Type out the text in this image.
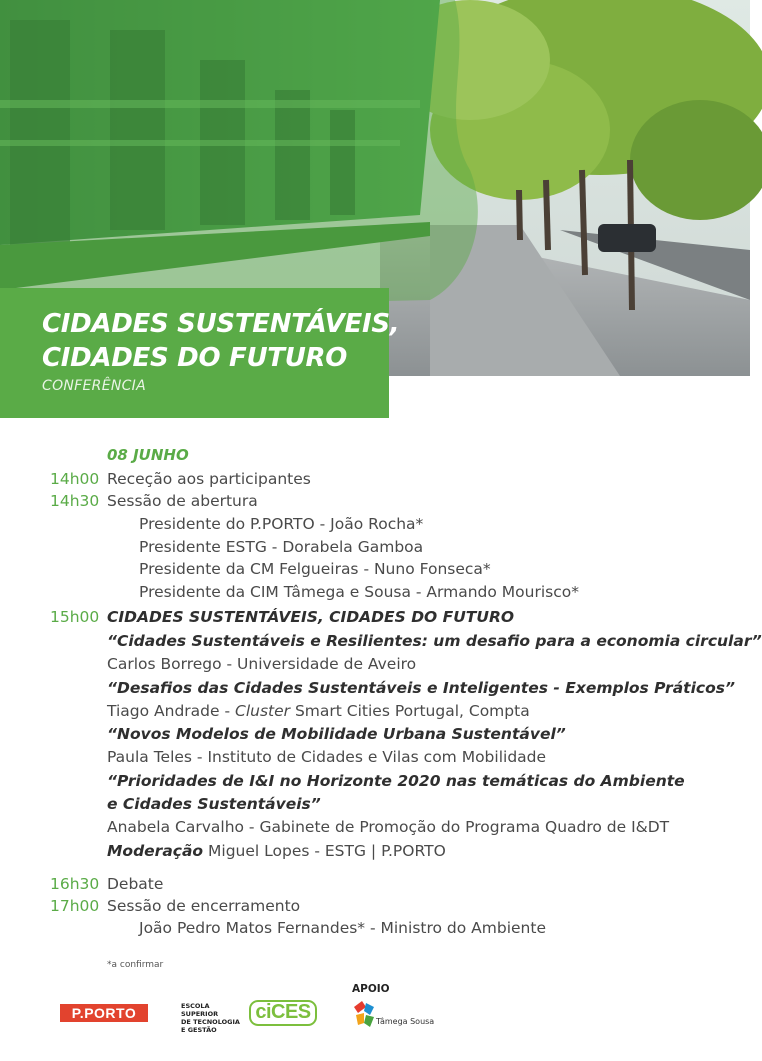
CIDADES SUSTENTÁVEIS,
CIDADES DO FUTURO
CONFERÊNCIA
08 JUNHO
14h00 Receção aos participantes
14h30 Sessão de abertura
Presidente do P.PORTO - João Rocha*
Presidente ESTG - Dorabela Gamboa
Presidente da CM Felgueiras - Nuno Fonseca*
Presidente da CIM Tâmega e Sousa - Armando Mourisco*
15h00 CIDADES SUSTENTÁVEIS, CIDADES DO FUTURO
“Cidades Sustentáveis e Resilientes: um desafio para a economia circular”
Carlos Borrego - Universidade de Aveiro
“Desafios das Cidades Sustentáveis e Inteligentes - Exemplos Práticos”
Tiago Andrade - Cluster Smart Cities Portugal, Compta
“Novos Modelos de Mobilidade Urbana Sustentável”
Paula Teles - Instituto de Cidades e Vilas com Mobilidade
“Prioridades de I&I no Horizonte 2020 nas temáticas do Ambiente
e Cidades Sustentáveis”
Anabela Carvalho - Gabinete de Promoção do Programa Quadro de I&DT
Moderação Miguel Lopes - ESTG | P.PORTO
16h30 Debate
17h00 Sessão de encerramento
João Pedro Matos Fernandes* - Ministro do Ambiente
*a confirmar
P.PORTO	ESCOLA
SUPERIOR
DE TECNOLOGIA
E GESTÃO
ciCES
APOIO
Tâmega Sousa
